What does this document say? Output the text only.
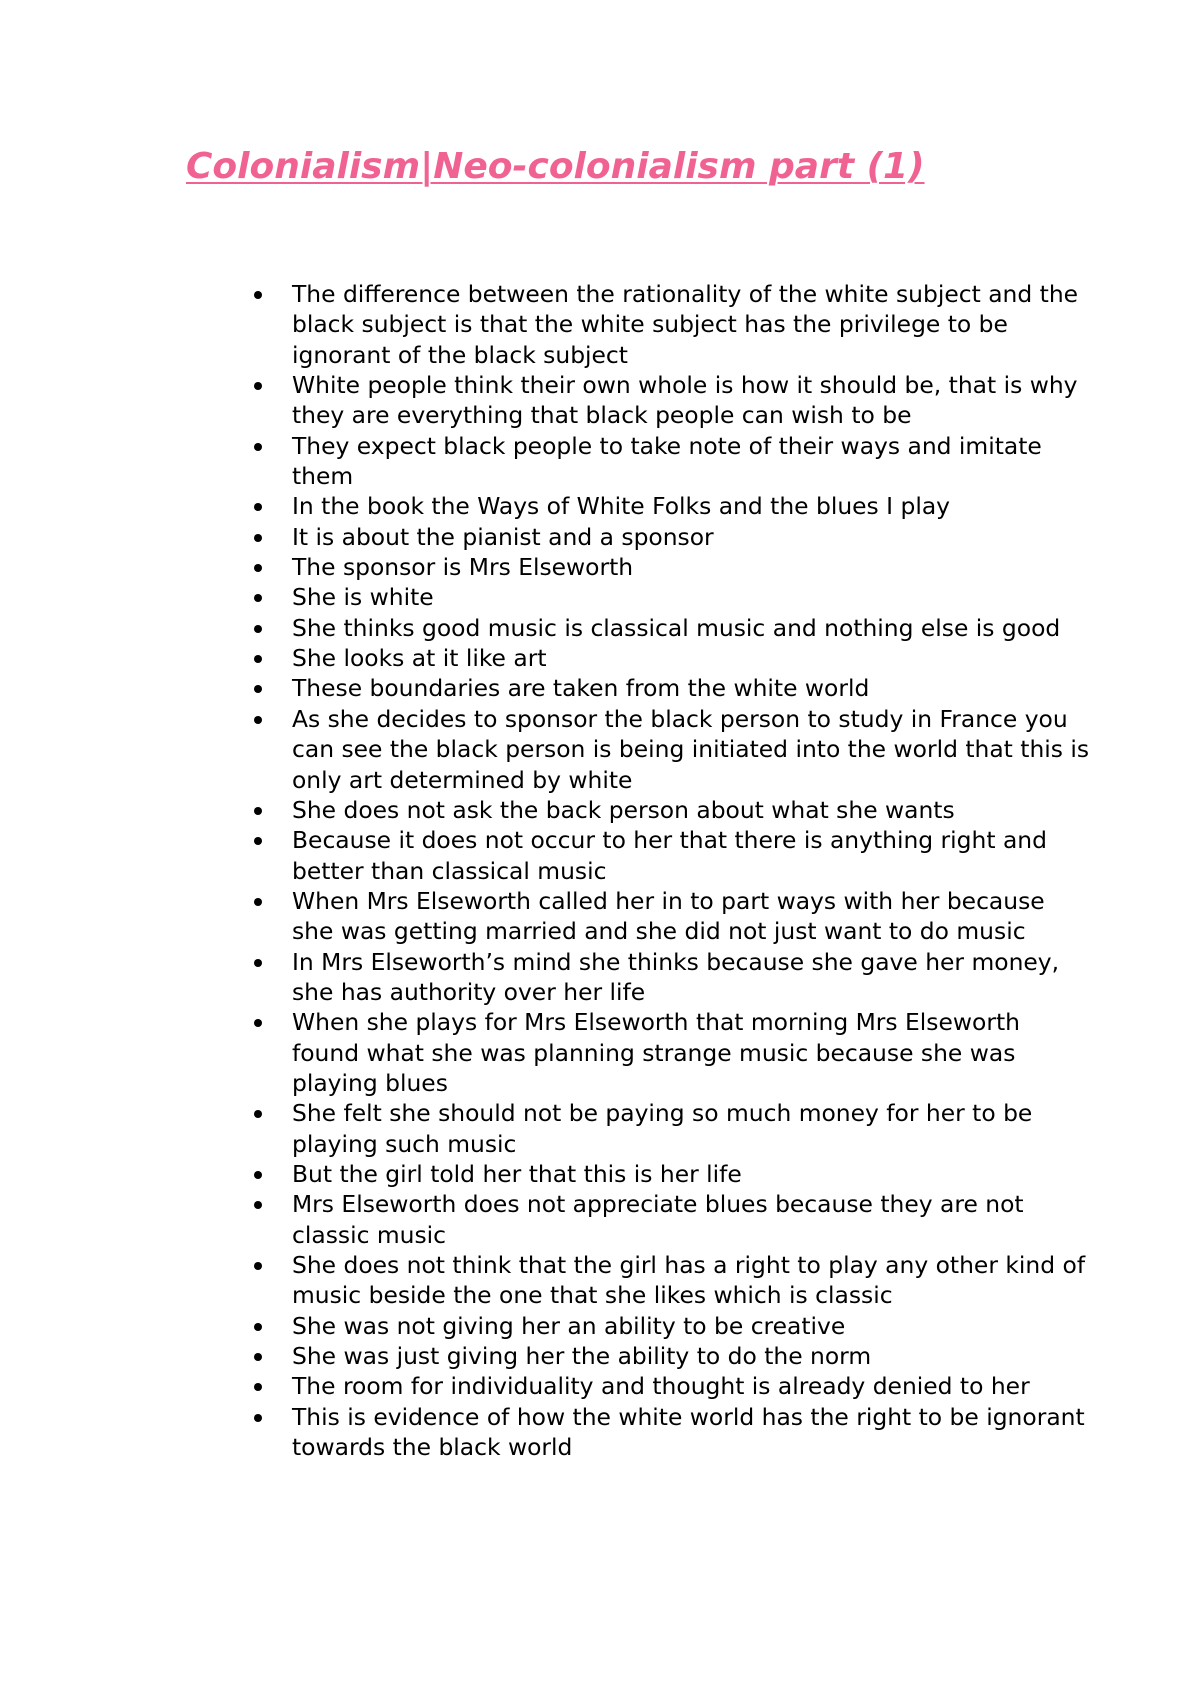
Colonialism|Neo-colonialism part (1)
The difference between the rationality of the white subject and the black subject is that the white subject has the privilege to be ignorant of the black subject
White people think their own whole is how it should be, that is why they are everything that black people can wish to be
They expect black people to take note of their ways and imitate them
In the book the Ways of White Folks and the blues I play
It is about the pianist and a sponsor
The sponsor is Mrs Elseworth
She is white
She thinks good music is classical music and nothing else is good
She looks at it like art
These boundaries are taken from the white world
As she decides to sponsor the black person to study in France you can see the black person is being initiated into the world that this is only art determined by white
She does not ask the back person about what she wants
Because it does not occur to her that there is anything right and better than classical music
When Mrs Elseworth called her in to part ways with her because she was getting married and she did not just want to do music
In Mrs Elseworth’s mind she thinks because she gave her money, she has authority over her life
When she plays for Mrs Elseworth that morning Mrs Elseworth found what she was planning strange music because she was playing blues
She felt she should not be paying so much money for her to be playing such music
But the girl told her that this is her life
Mrs Elseworth does not appreciate blues because they are not classic music
She does not think that the girl has a right to play any other kind of music beside the one that she likes which is classic
She was not giving her an ability to be creative
She was just giving her the ability to do the norm
The room for individuality and thought is already denied to her
This is evidence of how the white world has the right to be ignorant towards the black world
